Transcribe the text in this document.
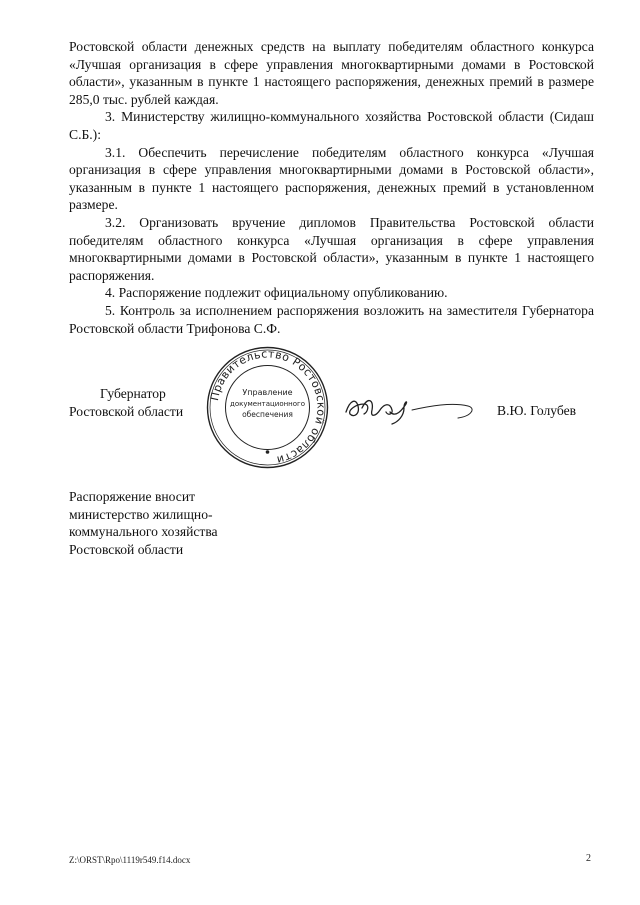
Ростовской области денежных средств на выплату победителям областного конкурса «Лучшая организация в сфере управления многоквартирными домами в Ростовской области», указанным в пункте 1 настоящего распоряжения, денежных премий в размере 285,0 тыс. рублей каждая.

3. Министерству жилищно-коммунального хозяйства Ростовской области (Сидаш С.Б.):

3.1. Обеспечить перечисление победителям областного конкурса «Лучшая организация в сфере управления многоквартирными домами в Ростовской области», указанным в пункте 1 настоящего распоряжения, денежных премий в установленном размере.

3.2. Организовать вручение дипломов Правительства Ростовской области победителям областного конкурса «Лучшая организация в сфере управления многоквартирными домами в Ростовской области», указанным в пункте 1 настоящего распоряжения.

4. Распоряжение подлежит официальному опубликованию.

5. Контроль за исполнением распоряжения возложить на заместителя Губернатора Ростовской области Трифонова С.Ф.

Губернатор
Ростовской области
Правительство Ростовской области
Управление
документационного
обеспечения	В.Ю. Голубев
Распоряжение вносит
министерство жилищно-
коммунального хозяйства
Ростовской области
Z:\ORST\Rpo\1119r549.f14.docx	2
